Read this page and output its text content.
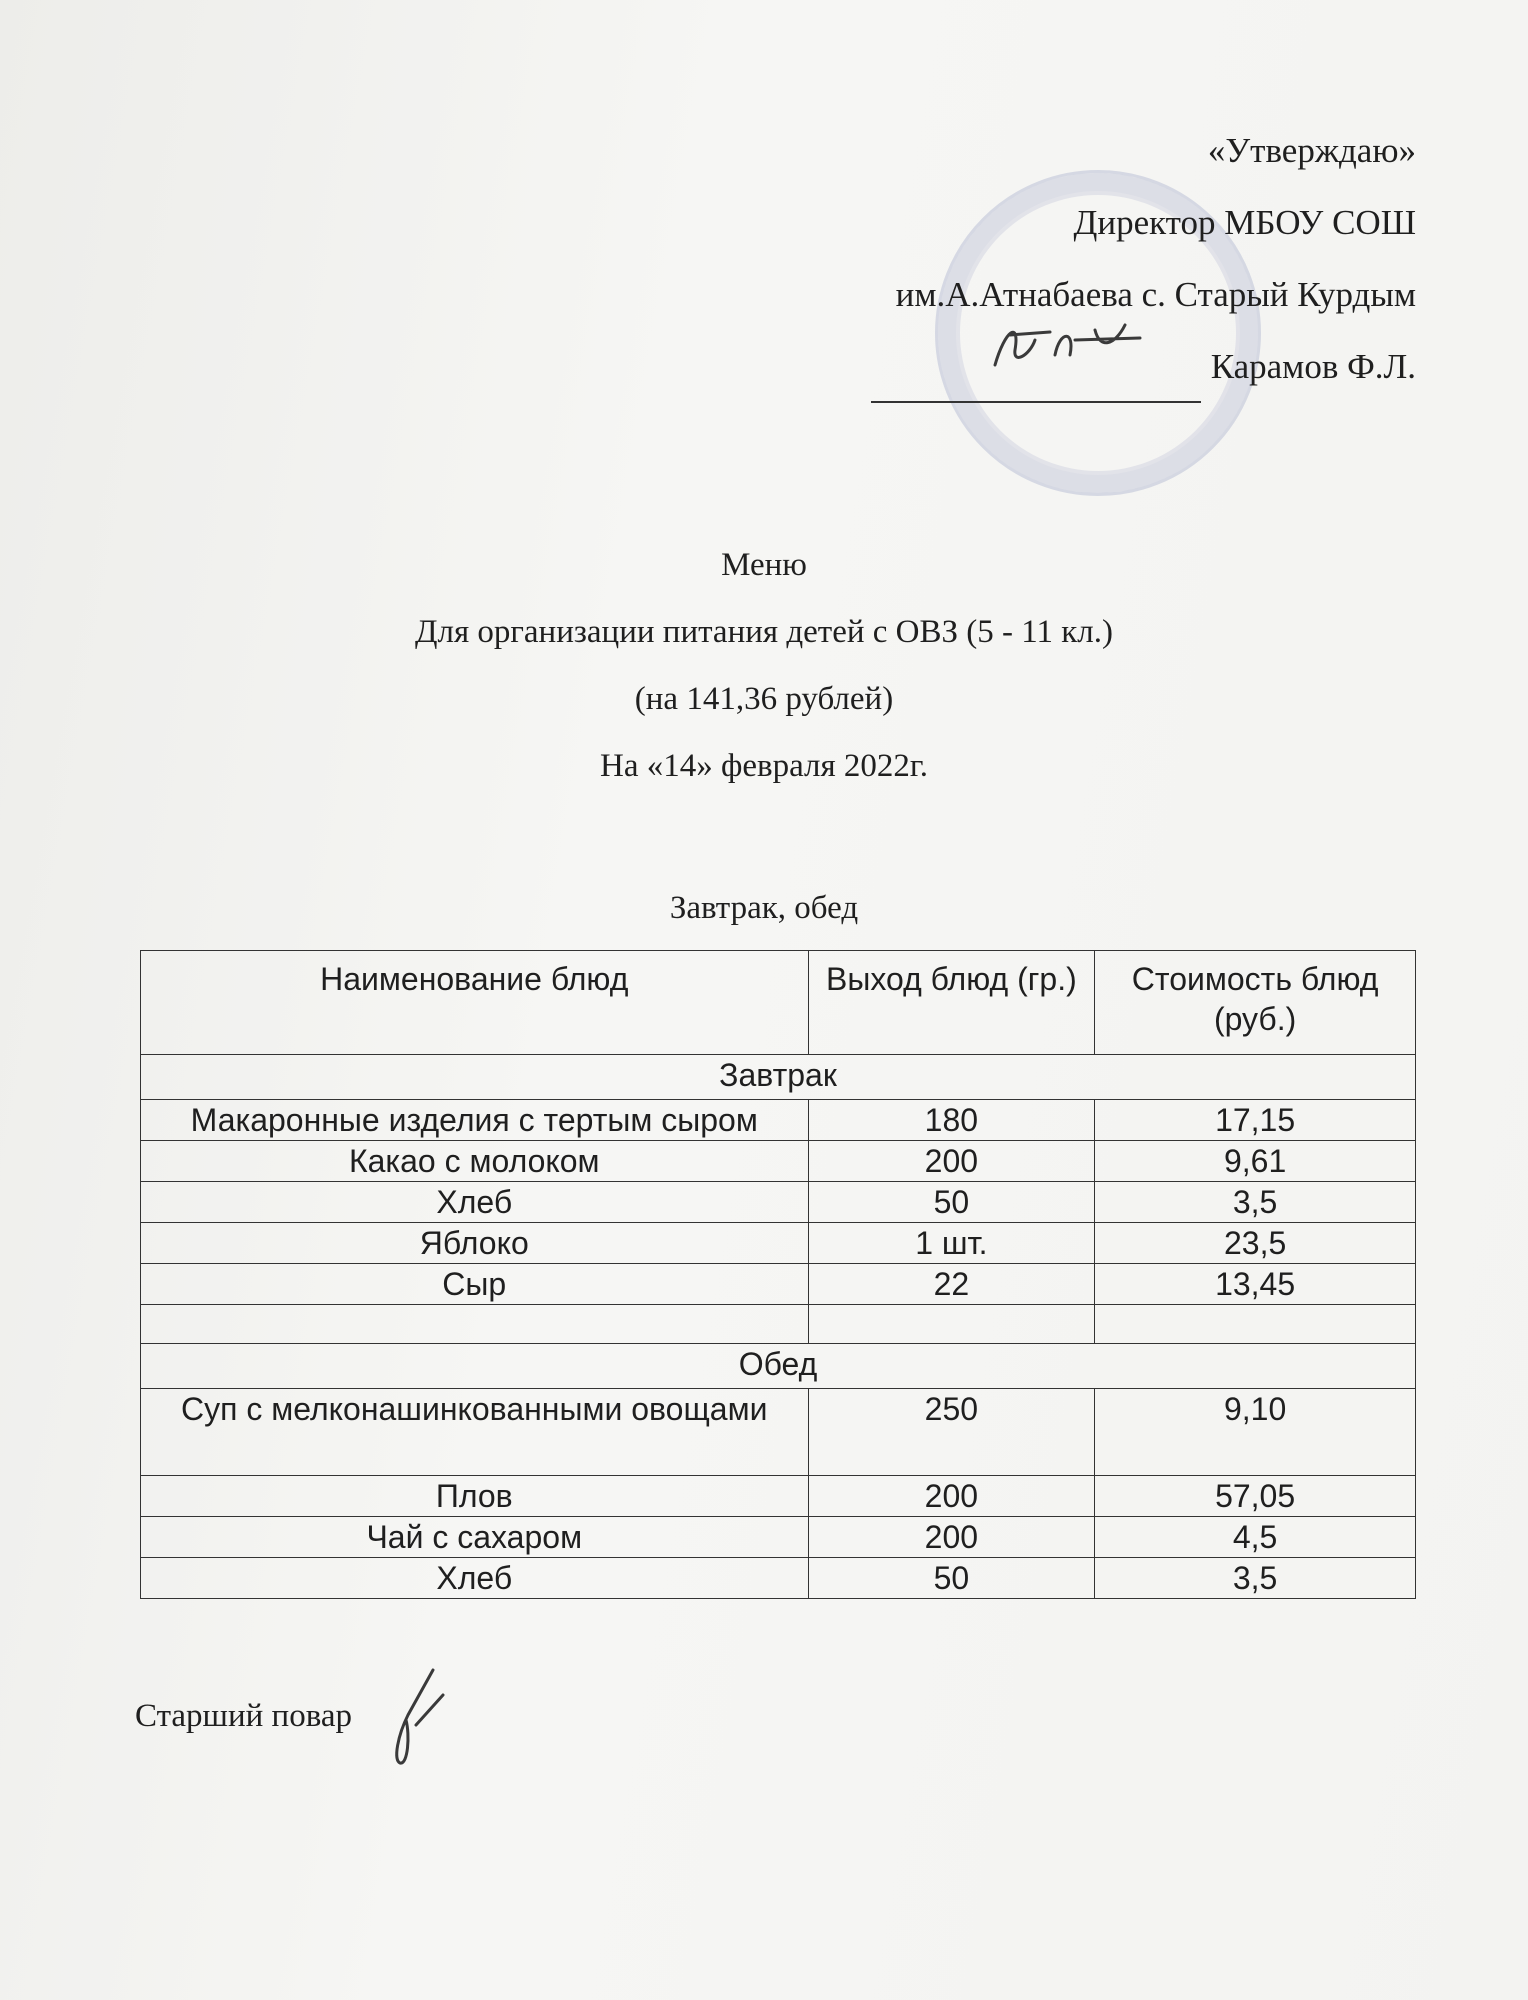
«Утверждаю»
Директор МБОУ СОШ
им.А.Атнабаева с. Старый Курдым
Карамов Ф.Л.
Меню
Для организации питания детей с ОВЗ (5 - 11 кл.)
(на 141,36 рублей)
На «14» февраля 2022г.
Завтрак, обед
Наименование блюд	Выход блюд (гр.)	Стоимость блюд (руб.)
Завтрак		
Макаронные изделия с тертым сыром	180	17,15
Какао с молоком	200	9,61
Хлеб	50	3,5
Яблоко	1 шт.	23,5
Сыр	22	13,45

Обед		
Суп с мелконашинкованными овощами	250	9,10
Плов	200	57,05
Чай с сахаром	200	4,5
Хлеб	50	3,5
Старший повар
